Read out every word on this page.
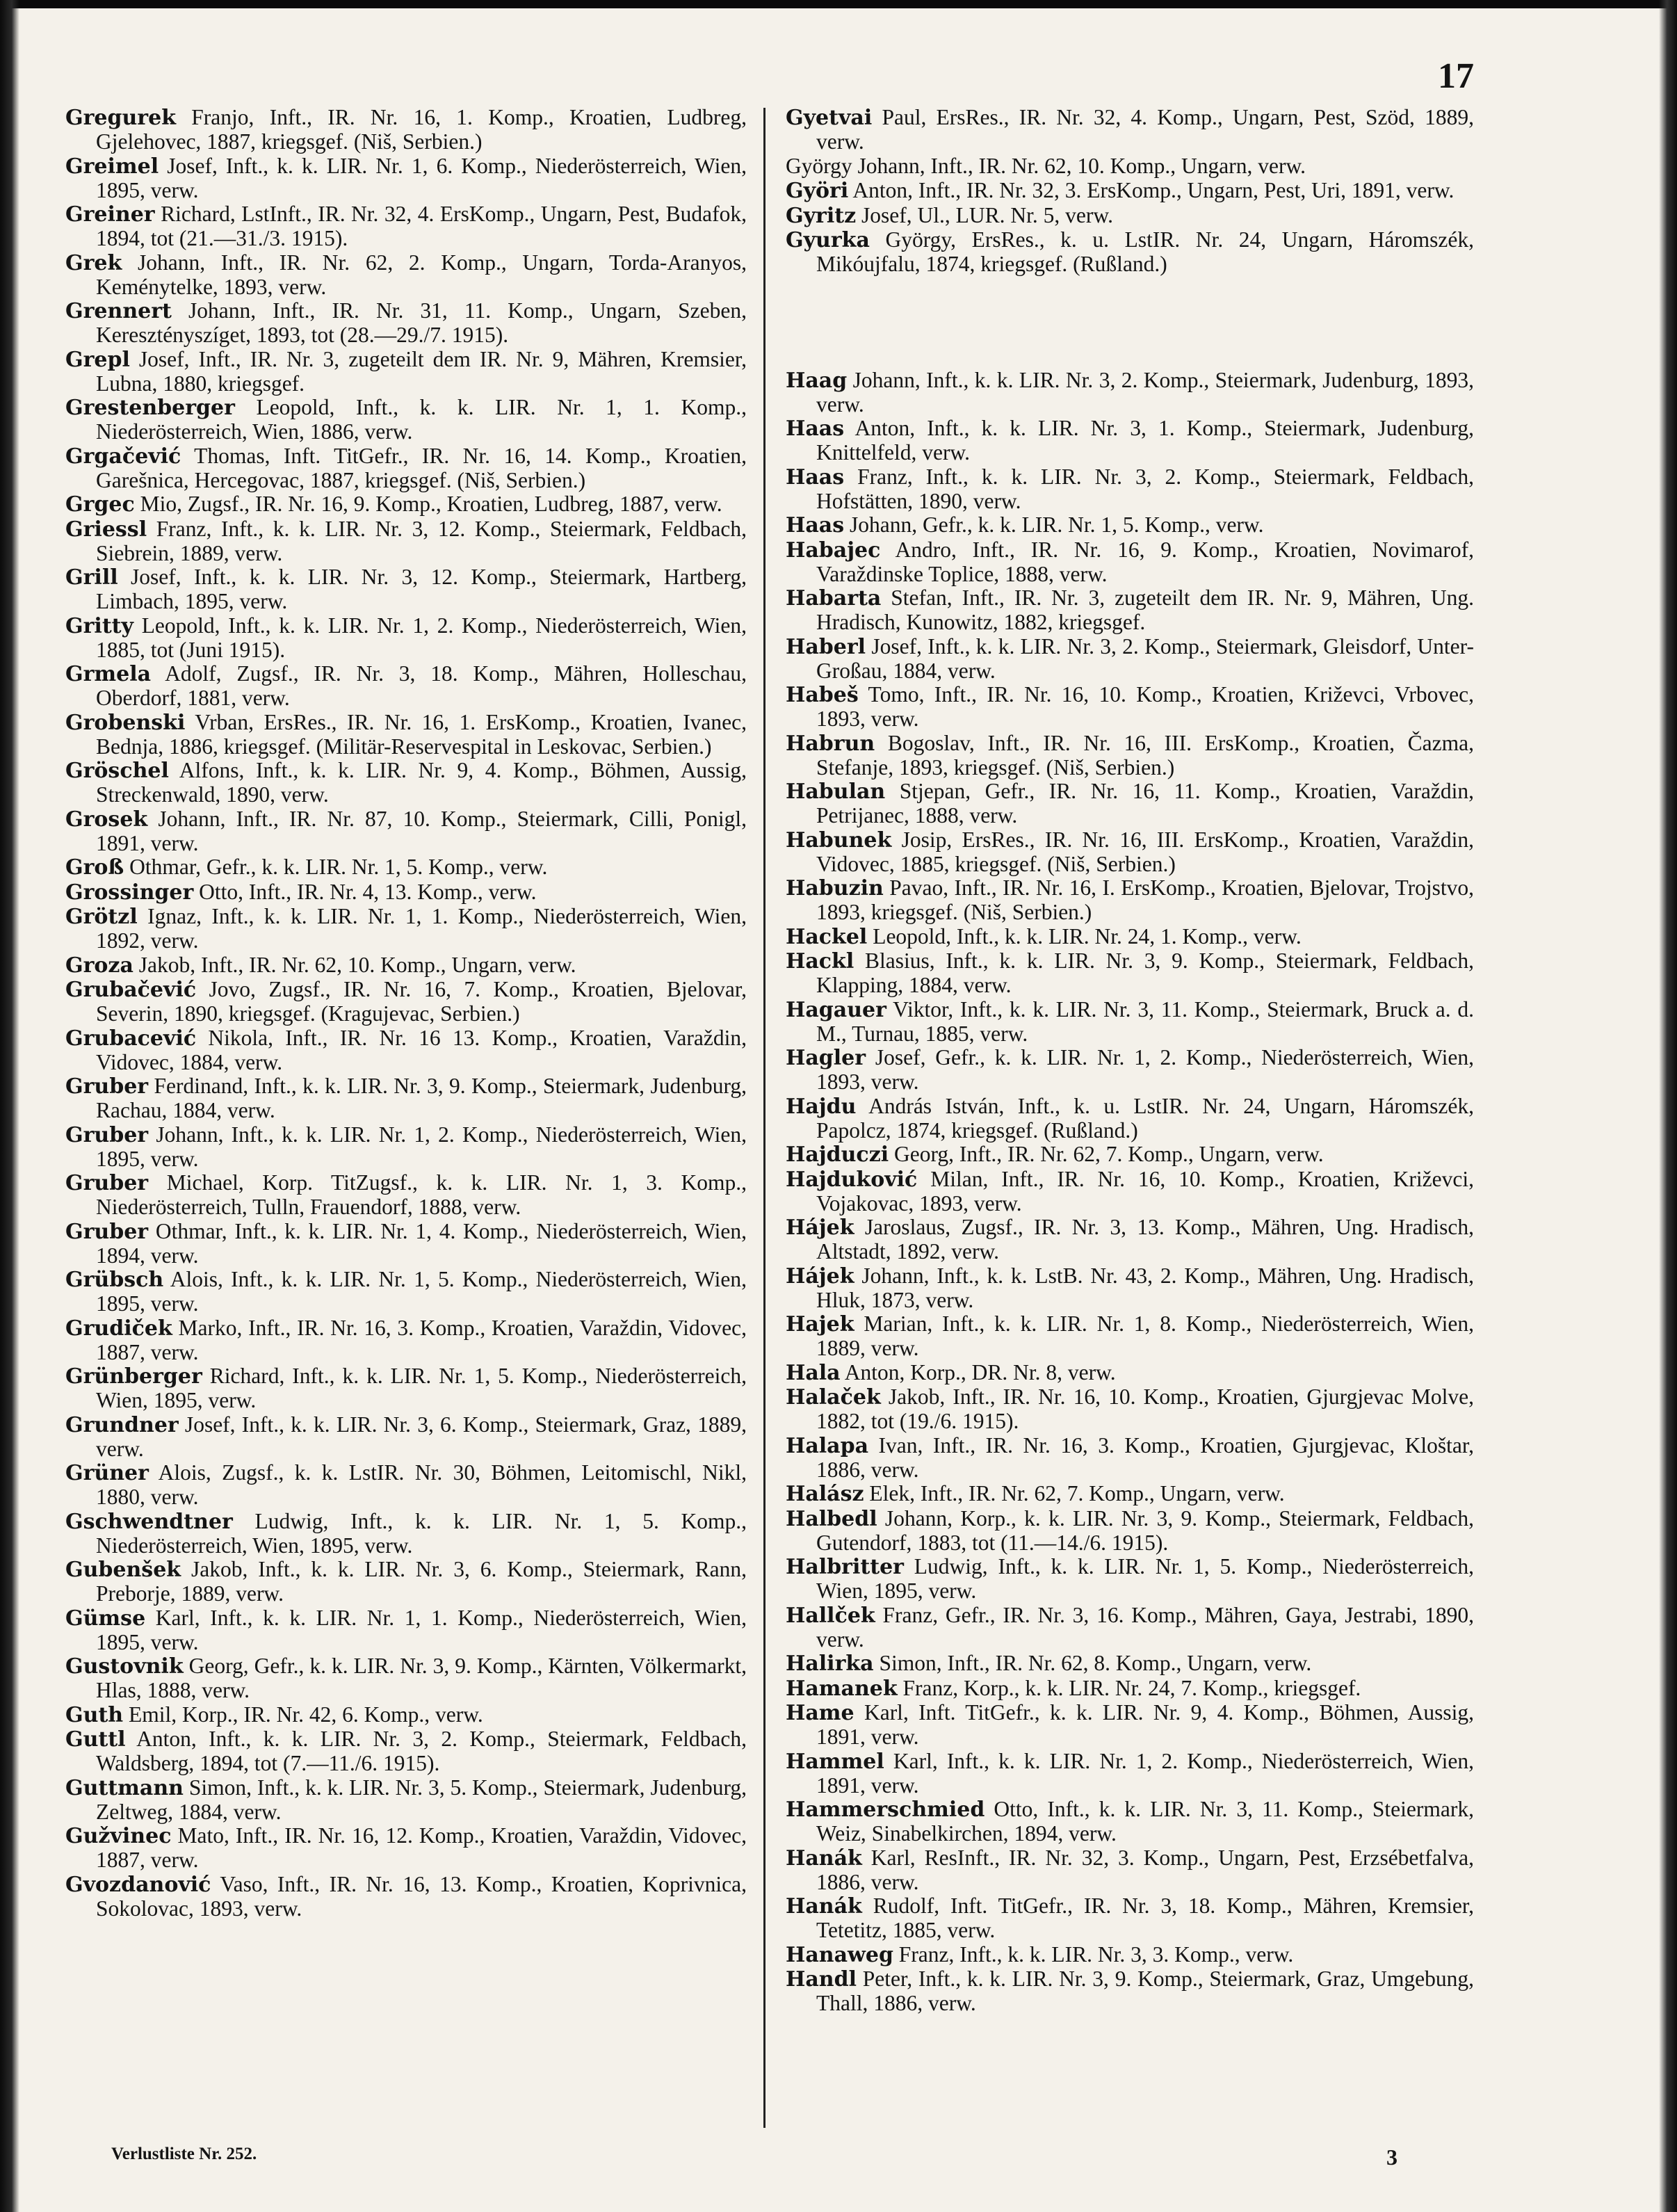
17

Gregurek Franjo, Inft., IR. Nr. 16, 1. Komp., Kroatien, Ludbreg, Gjelehovec, 1887, kriegsgef. (Niš, Serbien.)

Greimel Josef, Inft., k. k. LIR. Nr. 1, 6. Komp., Niederösterreich, Wien, 1895, verw.

Greiner Richard, LstInft., IR. Nr. 32, 4. ErsKomp., Ungarn, Pest, Budafok, 1894, tot (21.—31./3. 1915).

Grek Johann, Inft., IR. Nr. 62, 2. Komp., Ungarn, Torda-Aranyos, Keménytelke, 1893, verw.

Grennert Johann, Inft., IR. Nr. 31, 11. Komp., Ungarn, Szeben, Keresztényszíget, 1893, tot (28.—29./7. 1915).

Grepl Josef, Inft., IR. Nr. 3, zugeteilt dem IR. Nr. 9, Mähren, Kremsier, Lubna, 1880, kriegsgef.

Grestenberger Leopold, Inft., k. k. LIR. Nr. 1, 1. Komp., Niederösterreich, Wien, 1886, verw.

Grgačević Thomas, Inft. TitGefr., IR. Nr. 16, 14. Komp., Kroatien, Garešnica, Hercegovac, 1887, kriegsgef. (Niš, Serbien.)

Grgec Mio, Zugsf., IR. Nr. 16, 9. Komp., Kroatien, Ludbreg, 1887, verw.

Griessl Franz, Inft., k. k. LIR. Nr. 3, 12. Komp., Steiermark, Feldbach, Siebrein, 1889, verw.

Grill Josef, Inft., k. k. LIR. Nr. 3, 12. Komp., Steiermark, Hartberg, Limbach, 1895, verw.

Gritty Leopold, Inft., k. k. LIR. Nr. 1, 2. Komp., Niederösterreich, Wien, 1885, tot (Juni 1915).

Grmela Adolf, Zugsf., IR. Nr. 3, 18. Komp., Mähren, Holleschau, Oberdorf, 1881, verw.

Grobenski Vrban, ErsRes., IR. Nr. 16, 1. ErsKomp., Kroatien, Ivanec, Bednja, 1886, kriegsgef. (Militär-Reservespital in Leskovac, Serbien.)

Gröschel Alfons, Inft., k. k. LIR. Nr. 9, 4. Komp., Böhmen, Aussig, Streckenwald, 1890, verw.

Grosek Johann, Inft., IR. Nr. 87, 10. Komp., Steiermark, Cilli, Ponigl, 1891, verw.

Groß Othmar, Gefr., k. k. LIR. Nr. 1, 5. Komp., verw.

Grossinger Otto, Inft., IR. Nr. 4, 13. Komp., verw.

Grötzl Ignaz, Inft., k. k. LIR. Nr. 1, 1. Komp., Niederösterreich, Wien, 1892, verw.

Groza Jakob, Inft., IR. Nr. 62, 10. Komp., Ungarn, verw.

Grubačević Jovo, Zugsf., IR. Nr. 16, 7. Komp., Kroatien, Bjelovar, Severin, 1890, kriegsgef. (Kragujevac, Serbien.)

Grubacević Nikola, Inft., IR. Nr. 16 13. Komp., Kroatien, Varaždin, Vidovec, 1884, verw.

Gruber Ferdinand, Inft., k. k. LIR. Nr. 3, 9. Komp., Steiermark, Judenburg, Rachau, 1884, verw.

Gruber Johann, Inft., k. k. LIR. Nr. 1, 2. Komp., Niederösterreich, Wien, 1895, verw.

Gruber Michael, Korp. TitZugsf., k. k. LIR. Nr. 1, 3. Komp., Niederösterreich, Tulln, Frauendorf, 1888, verw.

Gruber Othmar, Inft., k. k. LIR. Nr. 1, 4. Komp., Niederösterreich, Wien, 1894, verw.

Grübsch Alois, Inft., k. k. LIR. Nr. 1, 5. Komp., Niederösterreich, Wien, 1895, verw.

Grudiček Marko, Inft., IR. Nr. 16, 3. Komp., Kroatien, Varaždin, Vidovec, 1887, verw.

Grünberger Richard, Inft., k. k. LIR. Nr. 1, 5. Komp., Niederösterreich, Wien, 1895, verw.

Grundner Josef, Inft., k. k. LIR. Nr. 3, 6. Komp., Steiermark, Graz, 1889, verw.

Grüner Alois, Zugsf., k. k. LstIR. Nr. 30, Böhmen, Leitomischl, Nikl, 1880, verw.

Gschwendtner Ludwig, Inft., k. k. LIR. Nr. 1, 5. Komp., Niederösterreich, Wien, 1895, verw.

Gubenšek Jakob, Inft., k. k. LIR. Nr. 3, 6. Komp., Steiermark, Rann, Preborje, 1889, verw.

Gümse Karl, Inft., k. k. LIR. Nr. 1, 1. Komp., Niederösterreich, Wien, 1895, verw.

Gustovnik Georg, Gefr., k. k. LIR. Nr. 3, 9. Komp., Kärnten, Völkermarkt, Hlas, 1888, verw.

Guth Emil, Korp., IR. Nr. 42, 6. Komp., verw.

Guttl Anton, Inft., k. k. LIR. Nr. 3, 2. Komp., Steiermark, Feldbach, Waldsberg, 1894, tot (7.—11./6. 1915).

Guttmann Simon, Inft., k. k. LIR. Nr. 3, 5. Komp., Steiermark, Judenburg, Zeltweg, 1884, verw.

Gužvinec Mato, Inft., IR. Nr. 16, 12. Komp., Kroatien, Varaždin, Vidovec, 1887, verw.

Gvozdanović Vaso, Inft., IR. Nr. 16, 13. Komp., Kroatien, Koprivnica, Sokolovac, 1893, verw.

Gyetvai Paul, ErsRes., IR. Nr. 32, 4. Komp., Ungarn, Pest, Szöd, 1889, verw.

György Johann, Inft., IR. Nr. 62, 10. Komp., Ungarn, verw.

Györi Anton, Inft., IR. Nr. 32, 3. ErsKomp., Ungarn, Pest, Uri, 1891, verw.

Gyritz Josef, Ul., LUR. Nr. 5, verw.

Gyurka György, ErsRes., k. u. LstIR. Nr. 24, Ungarn, Háromszék, Mikóujfalu, 1874, kriegsgef. (Rußland.)

Haag Johann, Inft., k. k. LIR. Nr. 3, 2. Komp., Steiermark, Judenburg, 1893, verw.

Haas Anton, Inft., k. k. LIR. Nr. 3, 1. Komp., Steiermark, Judenburg, Knittelfeld, verw.

Haas Franz, Inft., k. k. LIR. Nr. 3, 2. Komp., Steiermark, Feldbach, Hofstätten, 1890, verw.

Haas Johann, Gefr., k. k. LIR. Nr. 1, 5. Komp., verw.

Habajec Andro, Inft., IR. Nr. 16, 9. Komp., Kroatien, Novimarof, Varaždinske Toplice, 1888, verw.

Habarta Stefan, Inft., IR. Nr. 3, zugeteilt dem IR. Nr. 9, Mähren, Ung. Hradisch, Kunowitz, 1882, kriegsgef.

Haberl Josef, Inft., k. k. LIR. Nr. 3, 2. Komp., Steiermark, Gleisdorf, Unter-Großau, 1884, verw.

Habeš Tomo, Inft., IR. Nr. 16, 10. Komp., Kroatien, Križevci, Vrbovec, 1893, verw.

Habrun Bogoslav, Inft., IR. Nr. 16, III. ErsKomp., Kroatien, Čazma, Stefanje, 1893, kriegsgef. (Niš, Serbien.)

Habulan Stjepan, Gefr., IR. Nr. 16, 11. Komp., Kroatien, Varaždin, Petrijanec, 1888, verw.

Habunek Josip, ErsRes., IR. Nr. 16, III. ErsKomp., Kroatien, Varaždin, Vidovec, 1885, kriegsgef. (Niš, Serbien.)

Habuzin Pavao, Inft., IR. Nr. 16, I. ErsKomp., Kroatien, Bjelovar, Trojstvo, 1893, kriegsgef. (Niš, Serbien.)

Hackel Leopold, Inft., k. k. LIR. Nr. 24, 1. Komp., verw.

Hackl Blasius, Inft., k. k. LIR. Nr. 3, 9. Komp., Steiermark, Feldbach, Klapping, 1884, verw.

Hagauer Viktor, Inft., k. k. LIR. Nr. 3, 11. Komp., Steiermark, Bruck a. d. M., Turnau, 1885, verw.

Hagler Josef, Gefr., k. k. LIR. Nr. 1, 2. Komp., Niederösterreich, Wien, 1893, verw.

Hajdu András István, Inft., k. u. LstIR. Nr. 24, Ungarn, Háromszék, Papolcz, 1874, kriegsgef. (Rußland.)

Hajduczi Georg, Inft., IR. Nr. 62, 7. Komp., Ungarn, verw.

Hajduković Milan, Inft., IR. Nr. 16, 10. Komp., Kroatien, Križevci, Vojakovac, 1893, verw.

Hájek Jaroslaus, Zugsf., IR. Nr. 3, 13. Komp., Mähren, Ung. Hradisch, Altstadt, 1892, verw.

Hájek Johann, Inft., k. k. LstB. Nr. 43, 2. Komp., Mähren, Ung. Hradisch, Hluk, 1873, verw.

Hajek Marian, Inft., k. k. LIR. Nr. 1, 8. Komp., Niederösterreich, Wien, 1889, verw.

Hala Anton, Korp., DR. Nr. 8, verw.

Halaček Jakob, Inft., IR. Nr. 16, 10. Komp., Kroatien, Gjurgjevac Molve, 1882, tot (19./6. 1915).

Halapa Ivan, Inft., IR. Nr. 16, 3. Komp., Kroatien, Gjurgjevac, Kloštar, 1886, verw.

Halász Elek, Inft., IR. Nr. 62, 7. Komp., Ungarn, verw.

Halbedl Johann, Korp., k. k. LIR. Nr. 3, 9. Komp., Steiermark, Feldbach, Gutendorf, 1883, tot (11.—14./6. 1915).

Halbritter Ludwig, Inft., k. k. LIR. Nr. 1, 5. Komp., Niederösterreich, Wien, 1895, verw.

Hallček Franz, Gefr., IR. Nr. 3, 16. Komp., Mähren, Gaya, Jestrabi, 1890, verw.

Halirka Simon, Inft., IR. Nr. 62, 8. Komp., Ungarn, verw.

Hamanek Franz, Korp., k. k. LIR. Nr. 24, 7. Komp., kriegsgef.

Hame Karl, Inft. TitGefr., k. k. LIR. Nr. 9, 4. Komp., Böhmen, Aussig, 1891, verw.

Hammel Karl, Inft., k. k. LIR. Nr. 1, 2. Komp., Niederösterreich, Wien, 1891, verw.

Hammerschmied Otto, Inft., k. k. LIR. Nr. 3, 11. Komp., Steiermark, Weiz, Sinabelkirchen, 1894, verw.

Hanák Karl, ResInft., IR. Nr. 32, 3. Komp., Ungarn, Pest, Erzsébetfalva, 1886, verw.

Hanák Rudolf, Inft. TitGefr., IR. Nr. 3, 18. Komp., Mähren, Kremsier, Tetetitz, 1885, verw.

Hanaweg Franz, Inft., k. k. LIR. Nr. 3, 3. Komp., verw.

Handl Peter, Inft., k. k. LIR. Nr. 3, 9. Komp., Steiermark, Graz, Umgebung, Thall, 1886, verw.

Verlustliste Nr. 252.	3
